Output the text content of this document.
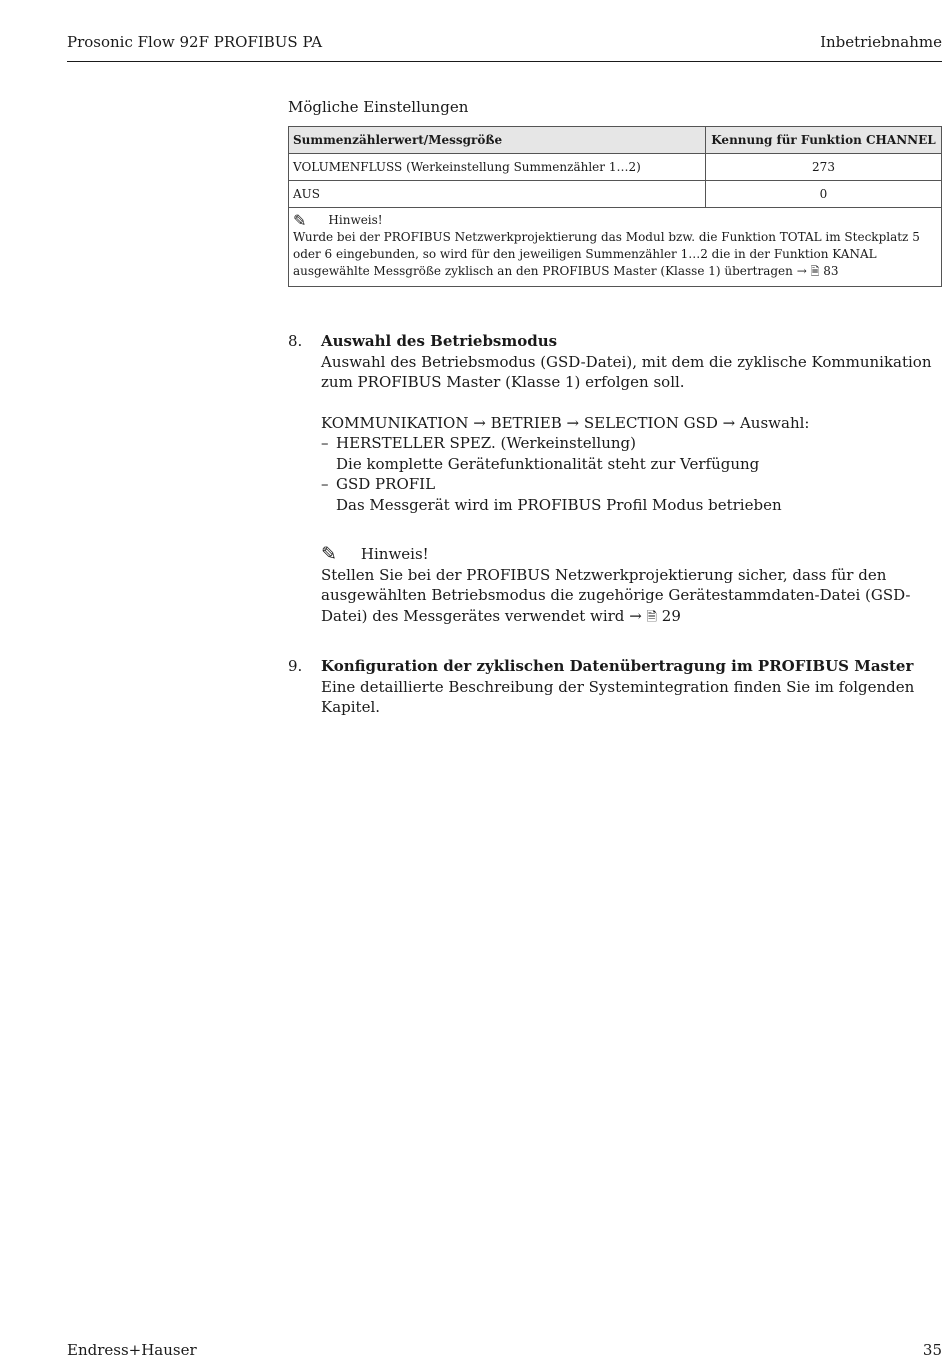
Prosonic Flow 92F PROFIBUS PA	Inbetriebnahme
Mögliche Einstellungen
Summenzählerwert/Messgröße	Kennung für Funktion CHANNEL
VOLUMENFLUSS (Werkeinstellung Summenzähler 1…2)	273
AUS	0

✎ Hinweis!
Wurde bei der PROFIBUS Netzwerkprojektierung das Modul bzw. die Funktion TOTAL im Steckplatz 5 oder 6 eingebunden, so wird für den jeweiligen Summenzähler 1…2 die in der Funktion KANAL ausgewählte Messgröße zyklisch an den PROFIBUS Master (Klasse 1) übertragen → 🗎 83	
8. Auswahl des Betriebsmodus
Auswahl des Betriebsmodus (GSD-Datei), mit dem die zyklische Kommunikation zum PROFIBUS Master (Klasse 1) erfolgen soll.
KOMMUNIKATION → BETRIEB → SELECTION GSD → Auswahl:
– HERSTELLER SPEZ. (Werkeinstellung)
Die komplette Gerätefunktionalität steht zur Verfügung
– GSD PROFIL
Das Messgerät wird im PROFIBUS Profil Modus betrieben
✎ Hinweis!
Stellen Sie bei der PROFIBUS Netzwerkprojektierung sicher, dass für den ausgewählten Betriebsmodus die zugehörige Gerätestammdaten-Datei (GSD-Datei) des Messgerätes verwendet wird → 🗎 29
9. Konfiguration der zyklischen Datenübertragung im PROFIBUS Master
Eine detaillierte Beschreibung der Systemintegration finden Sie im folgenden Kapitel.
Endress+Hauser	35
